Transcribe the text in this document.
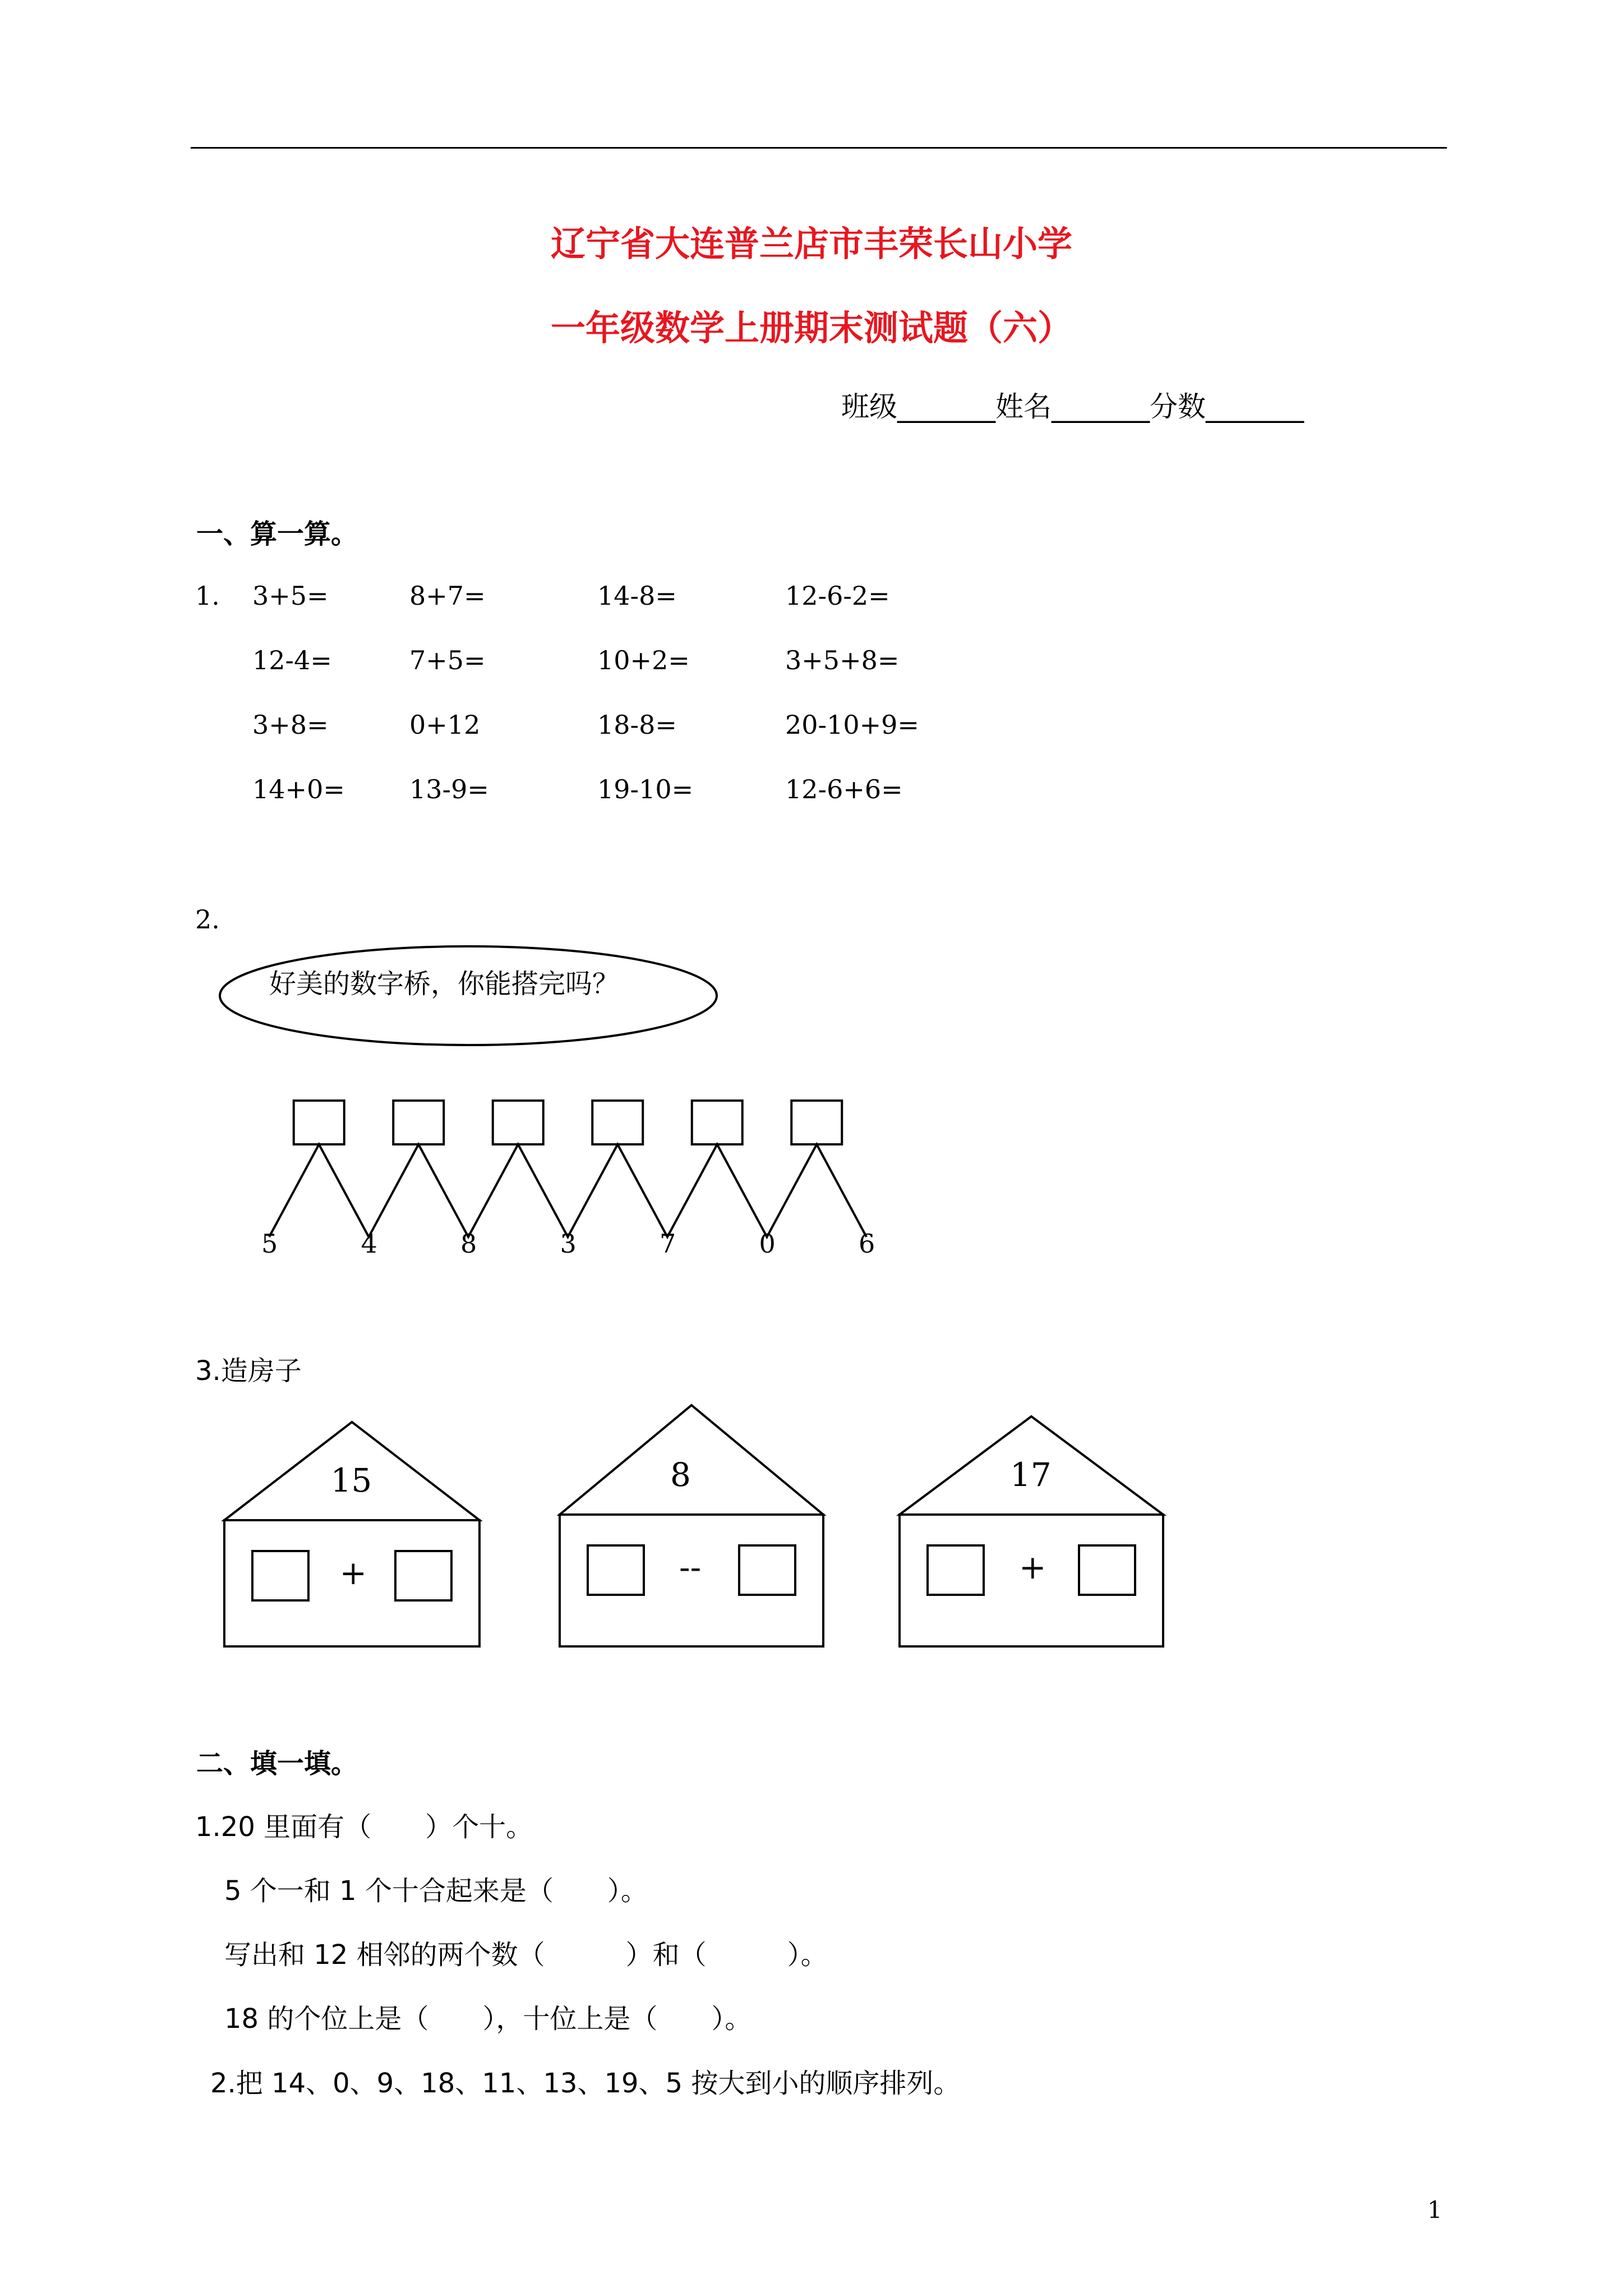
辽宁省大连普兰店市丰荣长山小学
一年级数学上册期末测试题（六）
班级_______姓名_______分数_______
一、算一算。
1. 3+5=	8+7=	14-8=	12-6-2=
12-4=	7+5=	10+2=	3+5+8=
3+8=	0+12	18-8=	20-10+9=
14+0=	13-9=	19-10=	12-6+6=
2.
好美的数字桥，你能搭完吗？
5	4	8	3	7	0	6
3.造房子
15
+
8
--
17
+
二、填一填。
1.20 里面有（　　）个十。
5 个一和 1 个十合起来是（　　）。
写出和 12 相邻的两个数（　　　）和（　　　）。
18 的个位上是（　　），十位上是（　　）。
2.把 14、0、9、18、11、13、19、5 按大到小的顺序排列。
1
